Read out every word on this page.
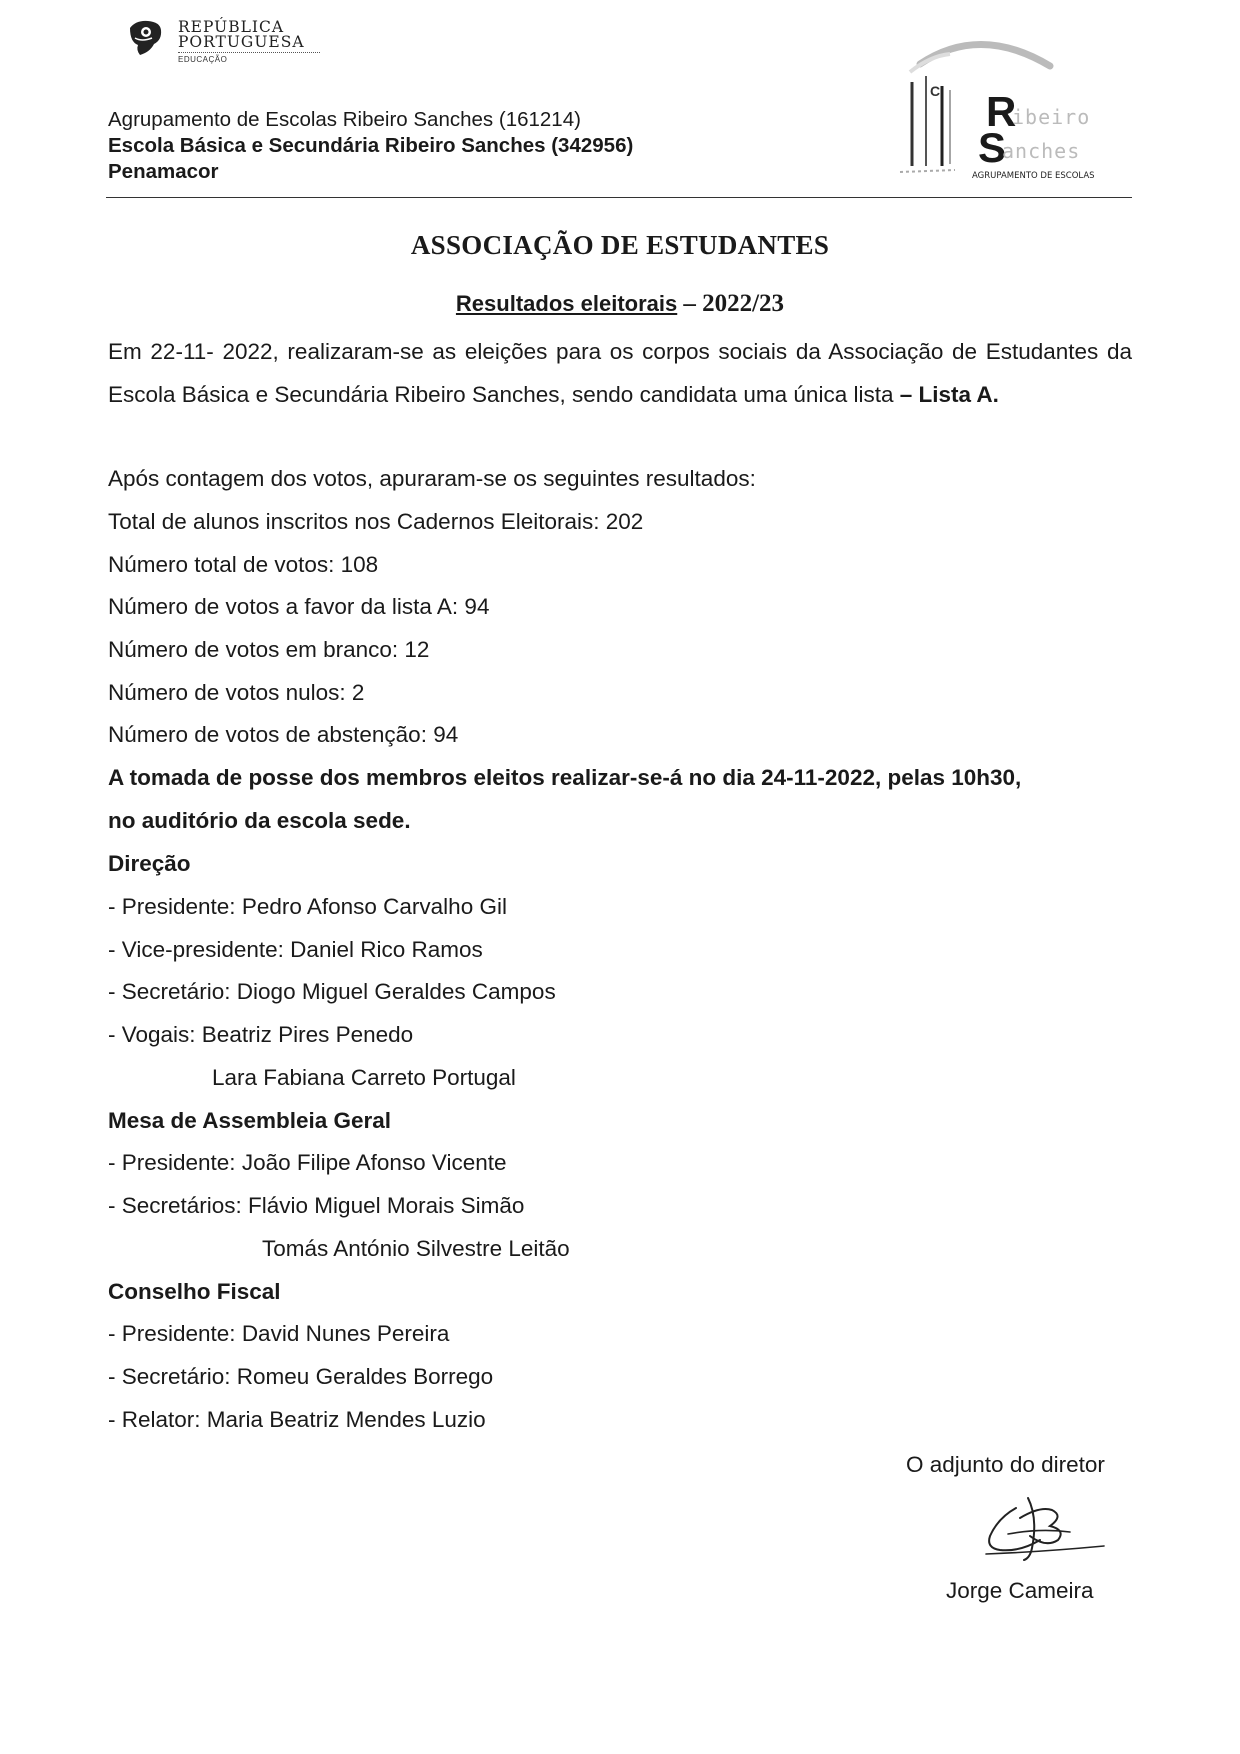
REPÚBLICA
PORTUGUESA
EDUCAÇÃO
Agrupamento de Escolas Ribeiro Sanches (161214)
Escola Básica e Secundária Ribeiro Sanches (342956)
Penamacor
C R
ibeiro
S
anches
AGRUPAMENTO DE ESCOLAS
ASSOCIAÇÃO DE ESTUDANTES
Resultados eleitorais – 2022/23
Em 22-11- 2022, realizaram-se as eleições para os corpos sociais da Associação de Estudantes da Escola Básica e Secundária Ribeiro Sanches, sendo candidata uma única lista – Lista A.
Após contagem dos votos, apuraram-se os seguintes resultados:
Total de alunos inscritos nos Cadernos Eleitorais: 202
Número total de votos: 108
Número de votos a favor da lista A: 94
Número de votos em branco: 12
Número de votos nulos: 2
Número de votos de abstenção: 94
A tomada de posse dos membros eleitos realizar-se-á no dia 24-11-2022, pelas 10h30,
no auditório da escola sede.
Direção
- Presidente: Pedro Afonso Carvalho Gil
- Vice-presidente: Daniel Rico Ramos
- Secretário: Diogo Miguel Geraldes Campos
- Vogais: Beatriz Pires Penedo
Lara Fabiana Carreto Portugal
Mesa de Assembleia Geral
- Presidente: João Filipe Afonso Vicente
- Secretários: Flávio Miguel Morais Simão
Tomás António Silvestre Leitão
Conselho Fiscal
- Presidente: David Nunes Pereira
- Secretário: Romeu Geraldes Borrego
- Relator: Maria Beatriz Mendes Luzio
O adjunto do diretor
Jorge Cameira
